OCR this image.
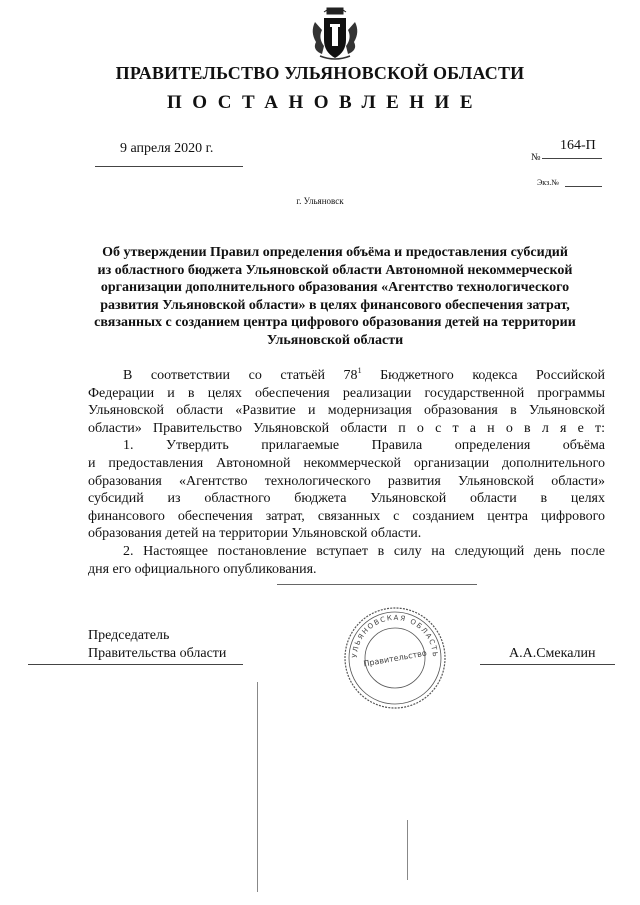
ПРАВИТЕЛЬСТВО УЛЬЯНОВСКОЙ ОБЛАСТИ
ПОСТАНОВЛЕНИЕ
9 апреля 2020 г.
№
164-П
Экз.№
г. Ульяновск
Об утверждении Правил определения объёма и предоставления субсидий
из областного бюджета Ульяновской области Автономной некоммерческой
организации дополнительного образования «Агентство технологического
развития Ульяновской области» в целях финансового обеспечения затрат,
связанных с созданием центра цифрового образования детей на территории
Ульяновской области
В соответствии со статьёй $78^1$ Бюджетного кодекса Российской
Федерации и в целях обеспечения реализации государственной программы
Ульяновской области «Развитие и модернизация образования в Ульяновской
области» Правительство Ульяновской области п о с т а н о в л я е т:
1. Утвердить прилагаемые Правила определения объёма
и предоставления Автономной некоммерческой организации дополнительного
образования «Агентство технологического развития Ульяновской области»
субсидий из областного бюджета Ульяновской области в целях
финансового обеспечения затрат, связанных с созданием центра цифрового
образования детей на территории Ульяновской области.
2. Настоящее постановление вступает в силу на следующий день после
дня его официального опубликования.
Председатель
Правительства области	А.А.Смекалин
УЛЬЯНОВСКАЯ ОБЛАСТЬ
Правительство
